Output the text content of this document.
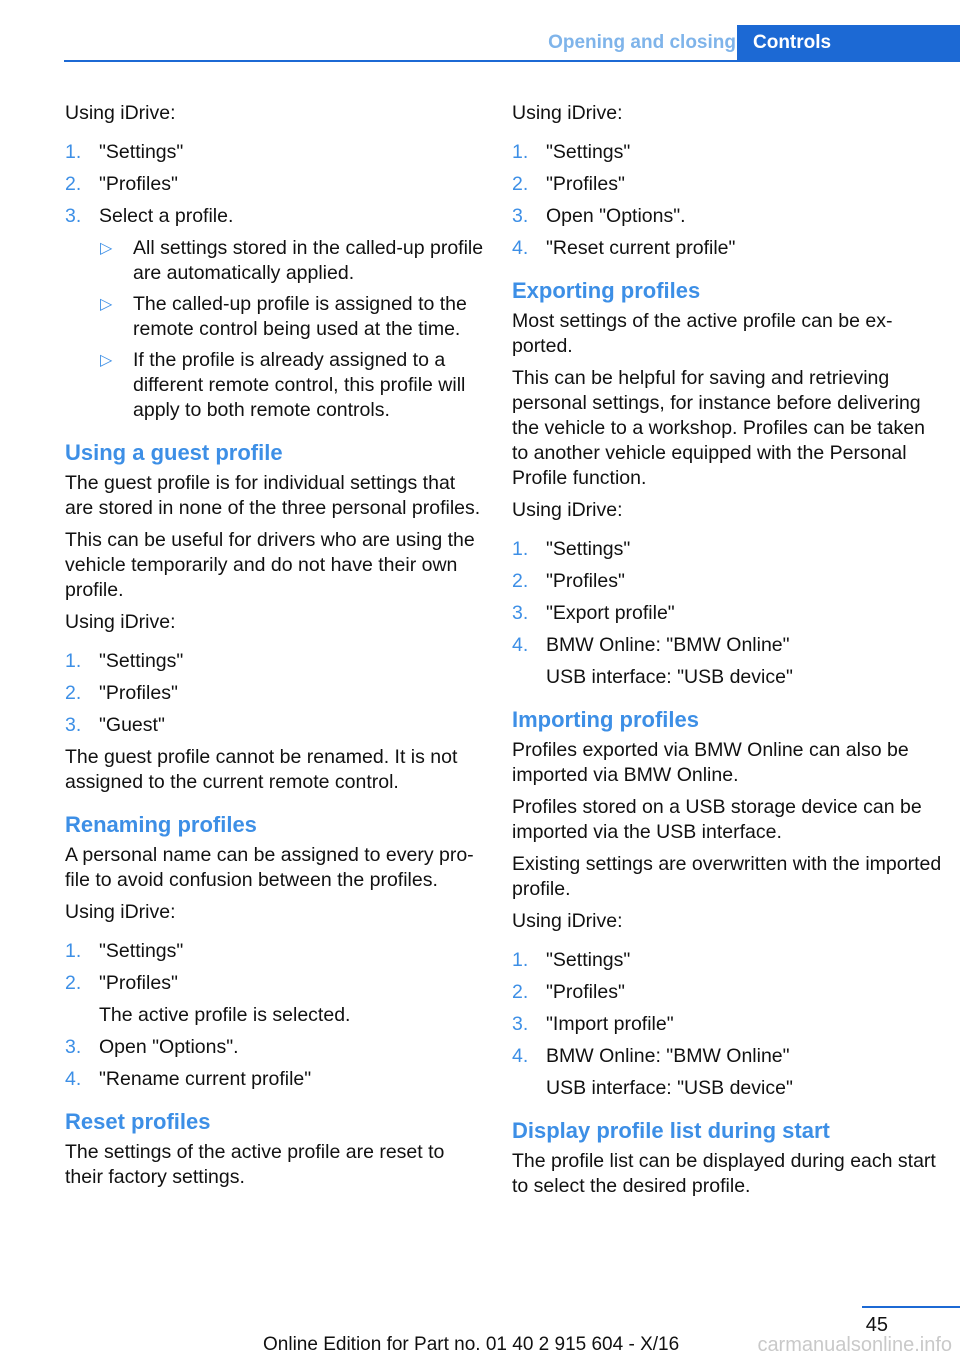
Opening and closing Controls
Using iDrive:
1. "Settings"
2. "Profiles"
3. Select a profile.
▷ All settings stored in the called-up profile are automatically applied.
▷ The called-up profile is assigned to the remote control being used at the time.
▷ If the profile is already assigned to a different remote control, this profile will apply to both remote controls.
Using a guest profile
The guest profile is for individual settings that are stored in none of the three personal profiles.
This can be useful for drivers who are using the vehicle temporarily and do not have their own profile.
Using iDrive:
1. "Settings"
2. "Profiles"
3. "Guest"
The guest profile cannot be renamed. It is not assigned to the current remote control.
Renaming profiles
A personal name can be assigned to every profile to avoid confusion between the profiles.
Using iDrive:
1. "Settings"
2. "Profiles"
The active profile is selected.
3. Open "Options".
4. "Rename current profile"
Reset profiles
The settings of the active profile are reset to their factory settings.
Using iDrive:
1. "Settings"
2. "Profiles"
3. Open "Options".
4. "Reset current profile"
Exporting profiles
Most settings of the active profile can be exported.
This can be helpful for saving and retrieving personal settings, for instance before delivering the vehicle to a workshop. Profiles can be taken to another vehicle equipped with the Personal Profile function.
Using iDrive:
1. "Settings"
2. "Profiles"
3. "Export profile"
4. BMW Online: "BMW Online"
USB interface: "USB device"
Importing profiles
Profiles exported via BMW Online can also be imported via BMW Online.
Profiles stored on a USB storage device can be imported via the USB interface.
Existing settings are overwritten with the imported profile.
Using iDrive:
1. "Settings"
2. "Profiles"
3. "Import profile"
4. BMW Online: "BMW Online"
USB interface: "USB device"
Display profile list during start
The profile list can be displayed during each start to select the desired profile.
45
Online Edition for Part no. 01 40 2 915 604 - X/16	carmanualsonline.info
